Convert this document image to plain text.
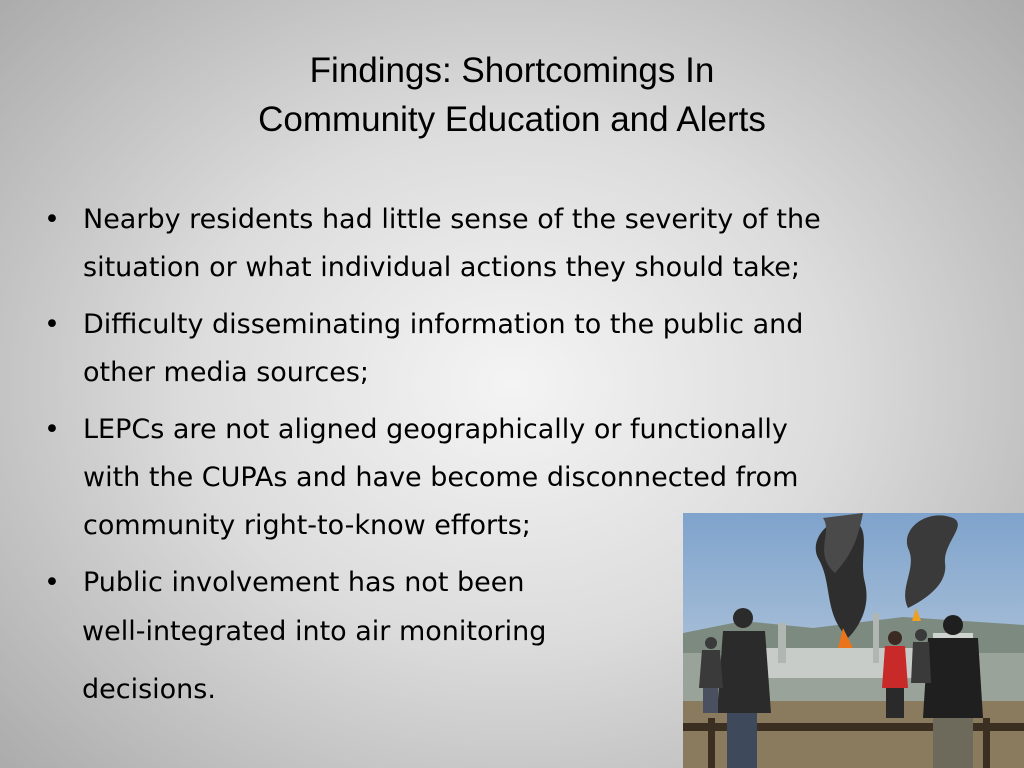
Findings: Shortcomings In
Community Education and Alerts
• Nearby residents had little sense of the severity of the
situation or what individual actions they should take;
• Difficulty disseminating information to the public and
other media sources;
• LEPCs are not aligned geographically or functionally
with the CUPAs and have become disconnected from
community right-to-know efforts;
• Public involvement has not been
well-integrated into air monitoring
decisions.
